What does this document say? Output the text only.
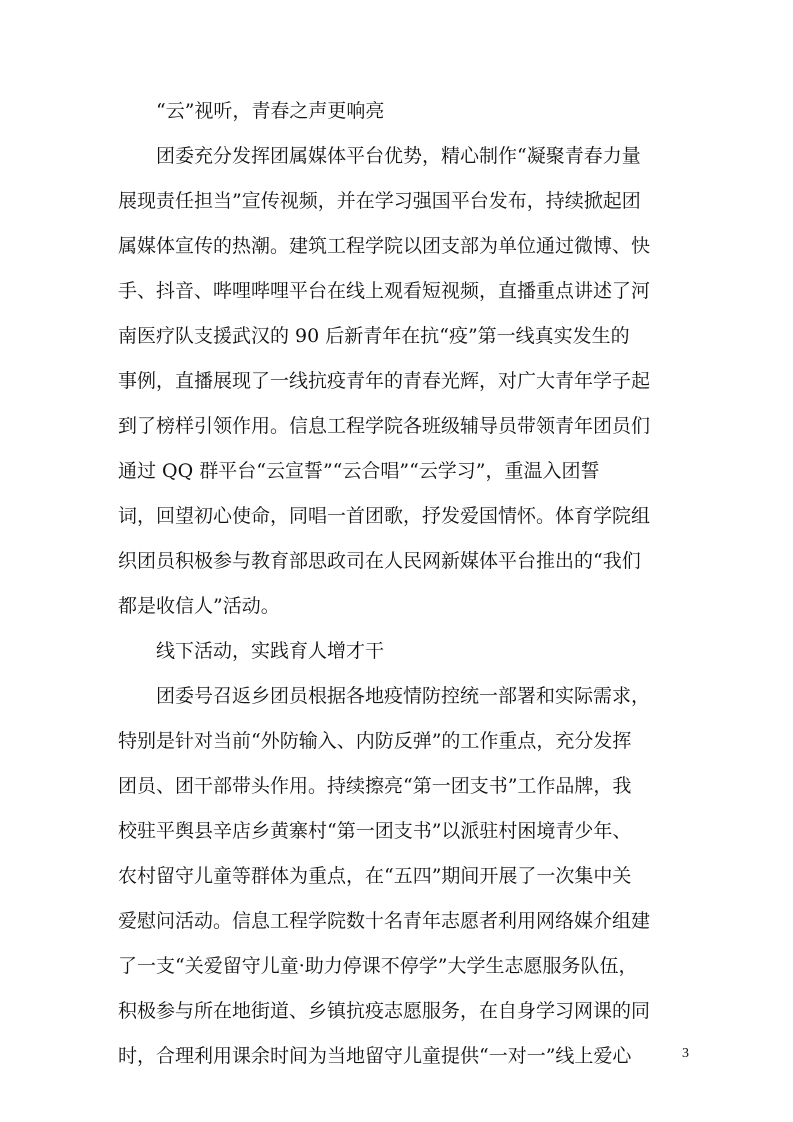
　　“云”视听，青春之声更响亮
　　团委充分发挥团属媒体平台优势，精心制作“凝聚青春力量
展现责任担当”宣传视频，并在学习强国平台发布，持续掀起团
属媒体宣传的热潮。建筑工程学院以团支部为单位通过微博、快
手、抖音、哔哩哔哩平台在线上观看短视频，直播重点讲述了河
南医疗队支援武汉的 90 后新青年在抗“疫”第一线真实发生的
事例，直播展现了一线抗疫青年的青春光辉，对广大青年学子起
到了榜样引领作用。信息工程学院各班级辅导员带领青年团员们
通过 QQ 群平台“云宣誓”“云合唱”“云学习”，重温入团誓
词，回望初心使命，同唱一首团歌，抒发爱国情怀。体育学院组
织团员积极参与教育部思政司在人民网新媒体平台推出的“我们
都是收信人”活动。
　　线下活动，实践育人增才干
　　团委号召返乡团员根据各地疫情防控统一部署和实际需求，
特别是针对当前“外防输入、内防反弹”的工作重点，充分发挥
团员、团干部带头作用。持续擦亮“第一团支书”工作品牌，我
校驻平舆县辛店乡黄寨村“第一团支书”以派驻村困境青少年、
农村留守儿童等群体为重点，在“五四”期间开展了一次集中关
爱慰问活动。信息工程学院数十名青年志愿者利用网络媒介组建
了一支“关爱留守儿童·助力停课不停学”大学生志愿服务队伍，
积极参与所在地街道、乡镇抗疫志愿服务，在自身学习网课的同
时，合理利用课余时间为当地留守儿童提供“一对一”线上爱心	3
